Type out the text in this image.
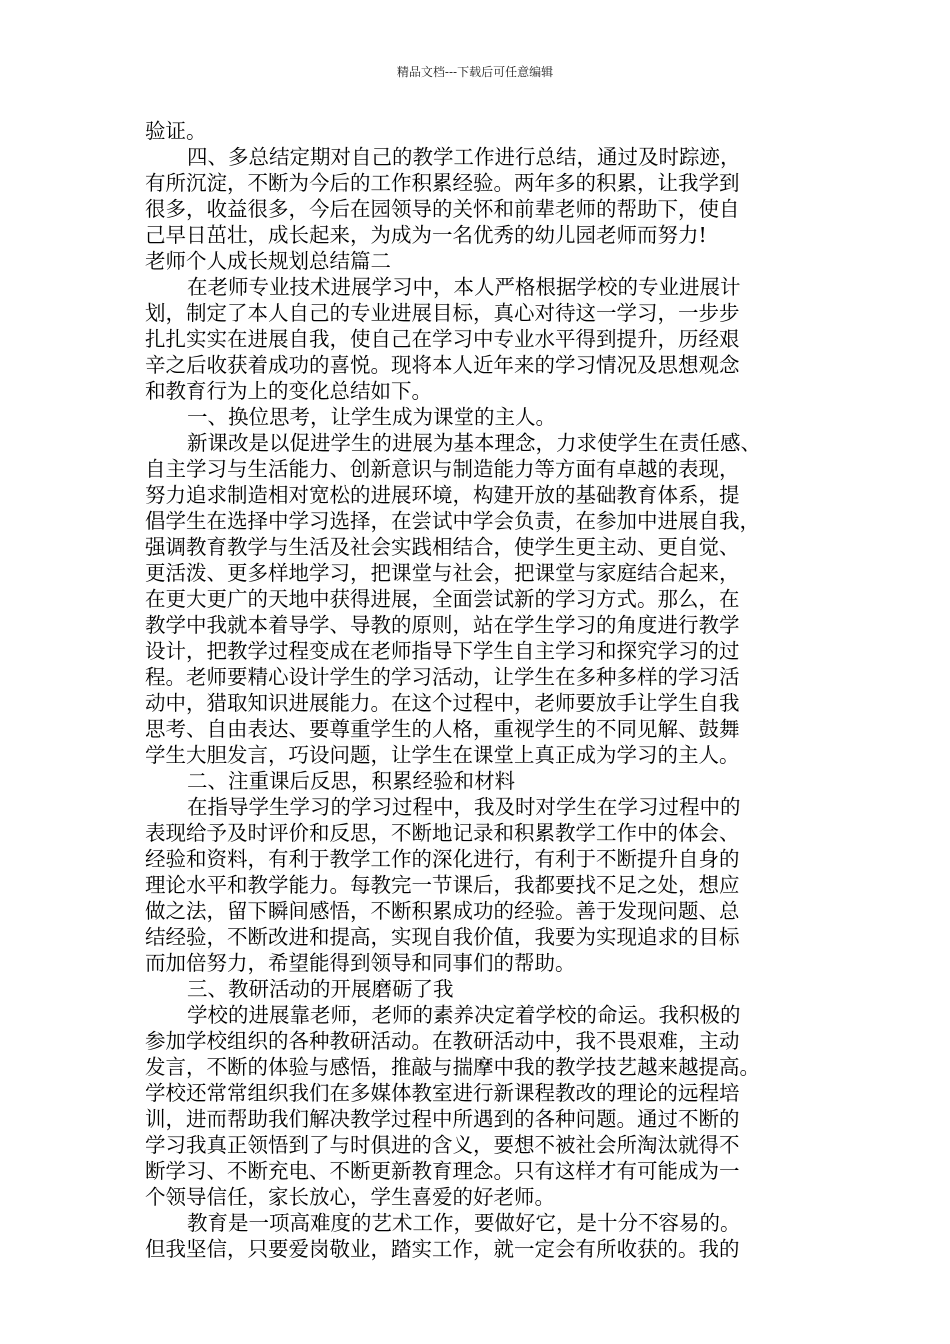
精品文档---下载后可任意编辑
验证。
四、多总结定期对自己的教学工作进行总结，通过及时踪迹，
有所沉淀，不断为今后的工作积累经验。两年多的积累，让我学到
很多，收益很多，今后在园领导的关怀和前辈老师的帮助下，使自
己早日茁壮，成长起来，为成为一名优秀的幼儿园老师而努力!
老师个人成长规划总结篇二
在老师专业技术进展学习中，本人严格根据学校的专业进展计
划，制定了本人自己的专业进展目标，真心对待这一学习，一步步
扎扎实实在进展自我，使自己在学习中专业水平得到提升，历经艰
辛之后收获着成功的喜悦。现将本人近年来的学习情况及思想观念
和教育行为上的变化总结如下。
一、换位思考，让学生成为课堂的主人。
新课改是以促进学生的进展为基本理念，力求使学生在责任感、
自主学习与生活能力、创新意识与制造能力等方面有卓越的表现，
努力追求制造相对宽松的进展环境，构建开放的基础教育体系，提
倡学生在选择中学习选择，在尝试中学会负责，在参加中进展自我，
强调教育教学与生活及社会实践相结合，使学生更主动、更自觉、
更活泼、更多样地学习，把课堂与社会，把课堂与家庭结合起来，
在更大更广的天地中获得进展，全面尝试新的学习方式。那么，在
教学中我就本着导学、导教的原则，站在学生学习的角度进行教学
设计，把教学过程变成在老师指导下学生自主学习和探究学习的过
程。老师要精心设计学生的学习活动，让学生在多种多样的学习活
动中，猎取知识进展能力。在这个过程中，老师要放手让学生自我
思考、自由表达、要尊重学生的人格，重视学生的不同见解、鼓舞
学生大胆发言，巧设问题，让学生在课堂上真正成为学习的主人。
二、注重课后反思，积累经验和材料
在指导学生学习的学习过程中，我及时对学生在学习过程中的
表现给予及时评价和反思，不断地记录和积累教学工作中的体会、
经验和资料，有利于教学工作的深化进行，有利于不断提升自身的
理论水平和教学能力。每教完一节课后，我都要找不足之处，想应
做之法，留下瞬间感悟，不断积累成功的经验。善于发现问题、总
结经验，不断改进和提高，实现自我价值，我要为实现追求的目标
而加倍努力，希望能得到领导和同事们的帮助。
三、教研活动的开展磨砺了我
学校的进展靠老师，老师的素养决定着学校的命运。我积极的
参加学校组织的各种教研活动。在教研活动中，我不畏艰难，主动
发言，不断的体验与感悟，推敲与揣摩中我的教学技艺越来越提高。
学校还常常组织我们在多媒体教室进行新课程教改的理论的远程培
训，进而帮助我们解决教学过程中所遇到的各种问题。通过不断的
学习我真正领悟到了与时俱进的含义，要想不被社会所淘汰就得不
断学习、不断充电、不断更新教育理念。只有这样才有可能成为一
个领导信任，家长放心，学生喜爱的好老师。
教育是一项高难度的艺术工作，要做好它，是十分不容易的。
但我坚信，只要爱岗敬业，踏实工作，就一定会有所收获的。我的
